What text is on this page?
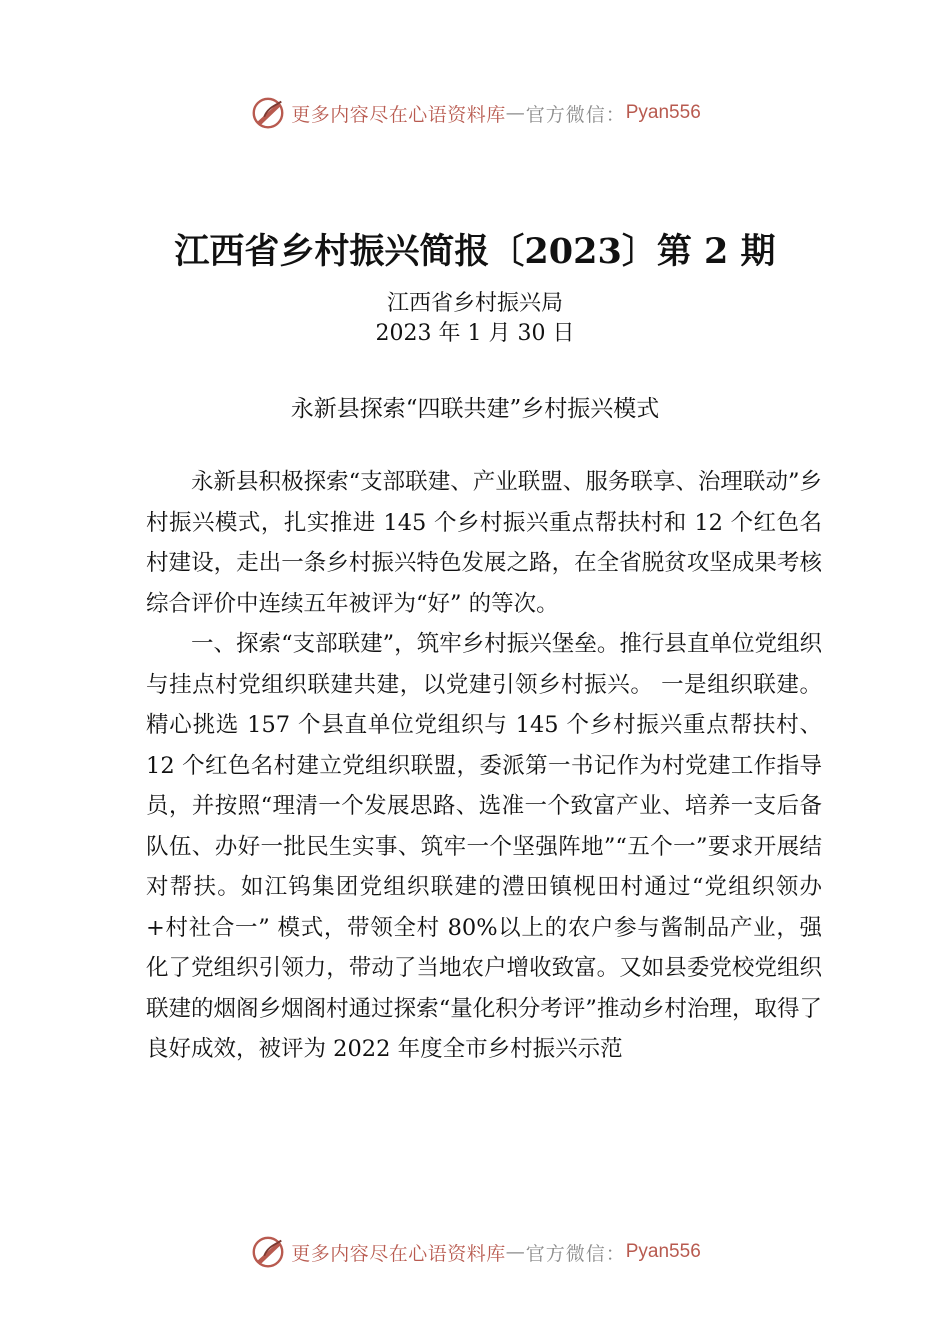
更多内容尽在心语资料库 — 官方微信： Pyan556
江西省乡村振兴简报〔2023〕第 2 期
江西省乡村振兴局
2023 年 1 月 30 日
永新县探索“四联共建”乡村振兴模式

永新县积极探索“支部联建、产业联盟、服务联享、治理联动”乡村振兴模式，扎实推进 145 个乡村振兴重点帮扶村和 12 个红色名村建设，走出一条乡村振兴特色发展之路，在全省脱贫攻坚成果考核综合评价中连续五年被评为“好” 的等次。

一、探索“支部联建”，筑牢乡村振兴堡垒。推行县直单位党组织与挂点村党组织联建共建，以党建引领乡村振兴。 一是组织联建。精心挑选 157 个县直单位党组织与 145 个乡村振兴重点帮扶村、12 个红色名村建立党组织联盟，委派第一书记作为村党建工作指导员，并按照“理清一个发展思路、选准一个致富产业、培养一支后备队伍、办好一批民生实事、筑牢一个坚强阵地”“五个一”要求开展结对帮扶。如江钨集团党组织联建的澧田镇枧田村通过“党组织领办+村社合一” 模式，带领全村 80%以上的农户参与酱制品产业，强化了党组织引领力，带动了当地农户增收致富。又如县委党校党组织联建的烟阁乡烟阁村通过探索“量化积分考评”推动乡村治理，取得了良好成效，被评为 2022 年度全市乡村振兴示范

更多内容尽在心语资料库 — 官方微信： Pyan556
